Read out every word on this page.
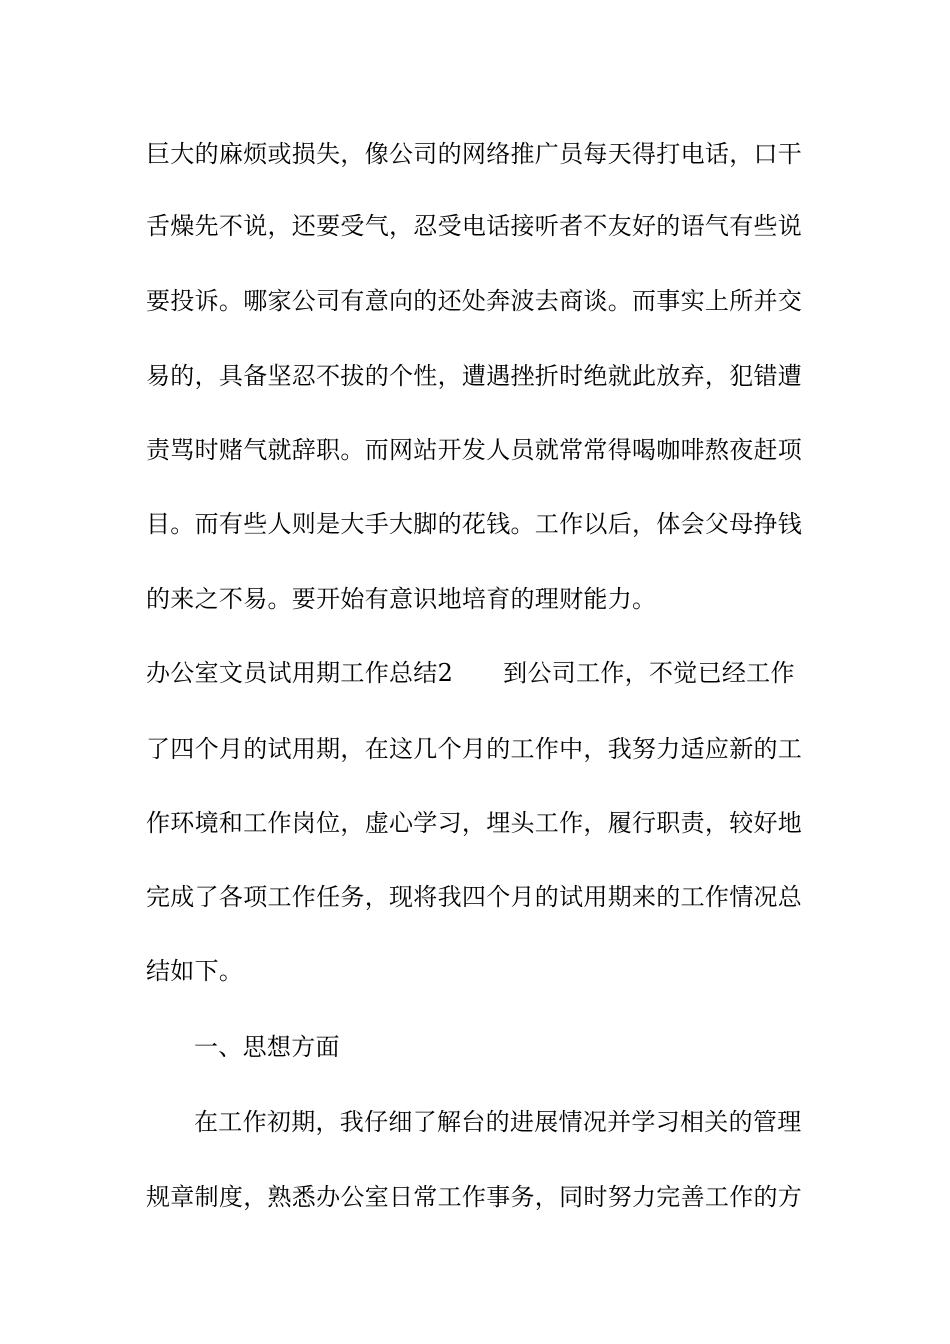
巨大的麻烦或损失，像公司的网络推广员每天得打电话，口干
舌燥先不说，还要受气，忍受电话接听者不友好的语气有些说
要投诉。哪家公司有意向的还处奔波去商谈。而事实上所并交
易的，具备坚忍不拔的个性，遭遇挫折时绝就此放弃，犯错遭
责骂时赌气就辞职。而网站开发人员就常常得喝咖啡熬夜赶项
目。而有些人则是大手大脚的花钱。工作以后，体会父母挣钱
的来之不易。要开始有意识地培育的理财能力。
办公室文员试用期工作总结2 到公司工作，不觉已经工作
了四个月的试用期，在这几个月的工作中，我努力适应新的工
作环境和工作岗位，虚心学习，埋头工作，履行职责，较好地
完成了各项工作任务，现将我四个月的试用期来的工作情况总
结如下。
一、思想方面
在工作初期，我仔细了解台的进展情况并学习相关的管理
规章制度，熟悉办公室日常工作事务，同时努力完善工作的方
